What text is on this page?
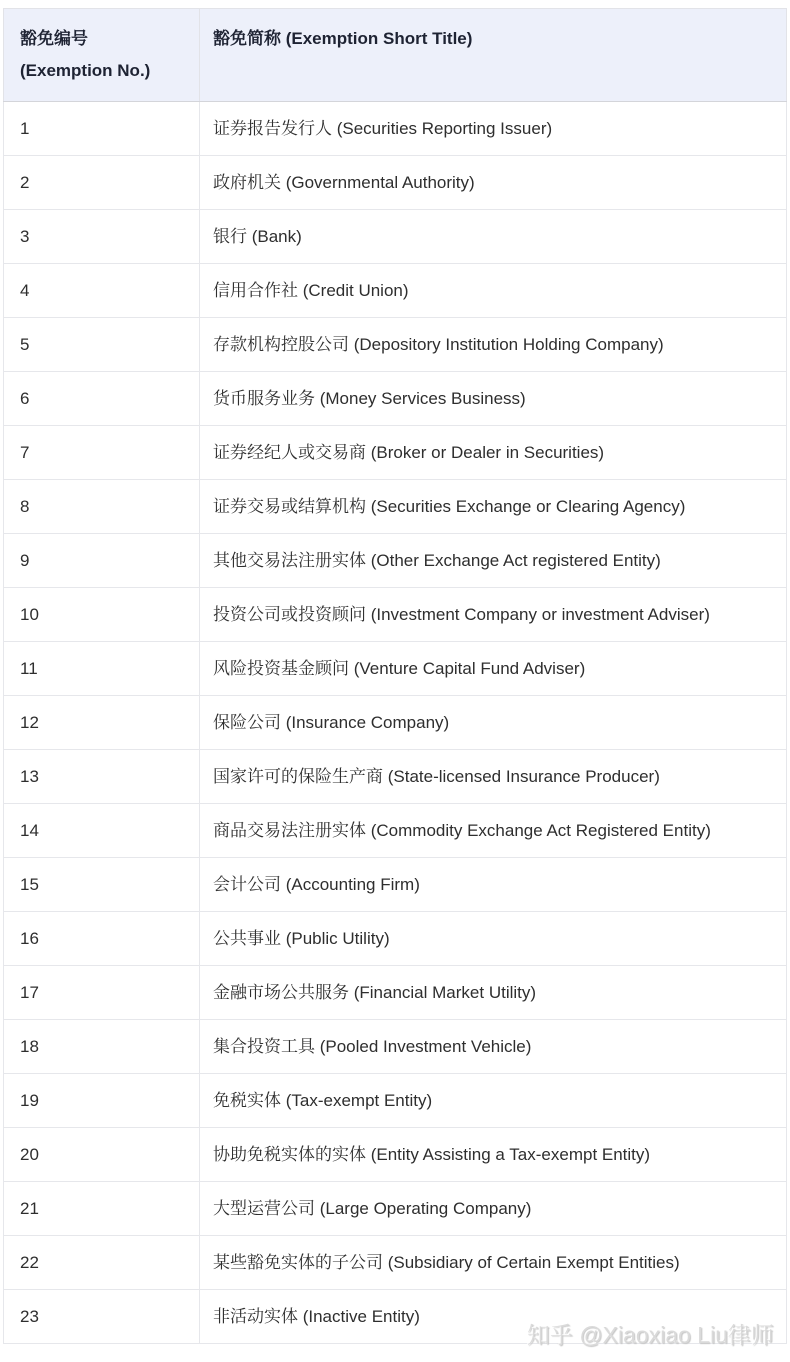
豁免编号 (Exemption No.)	豁免简称 (Exemption Short Title)
1	证券报告发行人 (Securities Reporting Issuer)
2	政府机关 (Governmental Authority)
3	银行 (Bank)
4	信用合作社 (Credit Union)
5	存款机构控股公司 (Depository Institution Holding Company)
6	货币服务业务 (Money Services Business)
7	证券经纪人或交易商 (Broker or Dealer in Securities)
8	证券交易或结算机构 (Securities Exchange or Clearing Agency)
9	其他交易法注册实体 (Other Exchange Act registered Entity)
10	投资公司或投资顾问 (Investment Company or investment Adviser)
11	风险投资基金顾问 (Venture Capital Fund Adviser)
12	保险公司 (Insurance Company)
13	国家许可的保险生产商 (State-licensed Insurance Producer)
14	商品交易法注册实体 (Commodity Exchange Act Registered Entity)
15	会计公司 (Accounting Firm)
16	公共事业 (Public Utility)
17	金融市场公共服务 (Financial Market Utility)
18	集合投资工具 (Pooled Investment Vehicle)
19	免税实体 (Tax-exempt Entity)
20	协助免税实体的实体 (Entity Assisting a Tax-exempt Entity)
21	大型运营公司 (Large Operating Company)
22	某些豁免实体的子公司 (Subsidiary of Certain Exempt Entities)
23	非活动实体 (Inactive Entity)
知乎 @Xiaoxiao Liu律师
